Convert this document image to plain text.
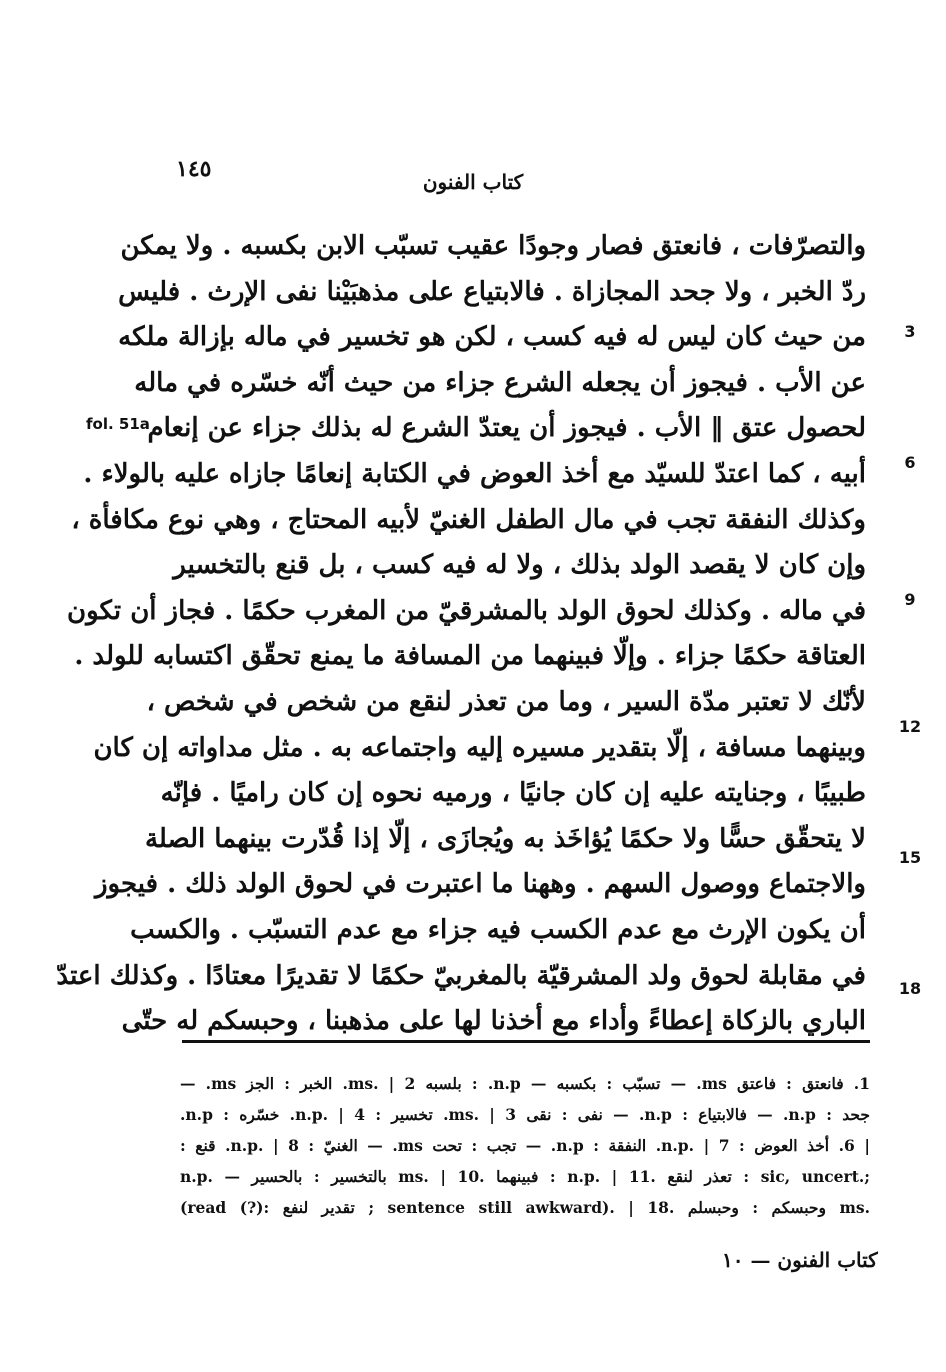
١٤٥	كتاب الفنون
fol. 51a
والتصرّفات ، فانعتق فصار وجودًا عقيب تسبّب الابن بكسبه . ولا يمكن
ردّ الخبر ، ولا جحد المجازاة . فالابتياع على مذهبَيْنا نفى الإرث . فليس
من حيث كان ليس له فيه كسب ، لكن هو تخسير في ماله بإزالة ملكه
عن الأب . فيجوز أن يجعله الشرع جزاء من حيث أنّه خسّره في ماله
لحصول عتق ‖ الأب . فيجوز أن يعتدّ الشرع له بذلك جزاء عن إنعام
أبيه ، كما اعتدّ للسيّد مع أخذ العوض في الكتابة إنعامًا جازاه عليه بالولاء .
وكذلك النفقة تجب في مال الطفل الغنيّ لأبيه المحتاج ، وهي نوع مكافأة ،
وإن كان لا يقصد الولد بذلك ، ولا له فيه كسب ، بل قنع بالتخسير
في ماله . وكذلك لحوق الولد بالمشرقيّ من المغرب حكمًا . فجاز أن تكون
العتاقة حكمًا جزاء . وإلّا فبينهما من المسافة ما يمنع تحقّق اكتسابه للولد .
لأنّك لا تعتبر مدّة السير ، وما من تعذر لنقع من شخص في شخص ،
وبينهما مسافة ، إلّا بتقدير مسيره إليه واجتماعه به . مثل مداواته إن كان
طبيبًا ، وجنايته عليه إن كان جانيًا ، ورميه نحوه إن كان راميًا . فإنّه
لا يتحقّق حسًّا ولا حكمًا يُؤاخَذ به ويُجازَى ، إلّا إذا قُدّرت بينهما الصلة
والاجتماع ووصول السهم . وههنا ما اعتبرت في لحوق الولد ذلك . فيجوز
أن يكون الإرث مع عدم الكسب فيه جزاء مع عدم التسبّب . والكسب
في مقابلة لحوق ولد المشرقيّة بالمغربيّ حكمًا لا تقديرًا معتادًا . وكذلك اعتدّ
الباري بالزكاة إعطاءً وأداء مع أخذنا لها على مذهبنا ، وحبسكم له حتّى
3
6
9
12
15
18
1. فانعتق : فاعتق ms. — تسبّب : بكسبه — n.p. : بلسبه ms. | 2. الخبر : الجز ms. —
جحد : n.p. — فالابتياع : n.p. — نفى : نقى ms. | 3. تخسير : n.p. | 4. خسّره : n.p.
| 6. أخذ العوض : n.p. | 7. النفقة : n.p. — تجب : تحت ms. — الغنيّ : n.p. | 8. قنع :
n.p. — بالتخسير : بالحسير ms. | 10. فبينهما : n.p. | 11. تعذر لنقع : sic, uncert.;
(read (?): تقدير لنفع ; sentence still awkward). | 18. وحبسكم : وحبسلم ms.
كتاب الفنون — ١٠
